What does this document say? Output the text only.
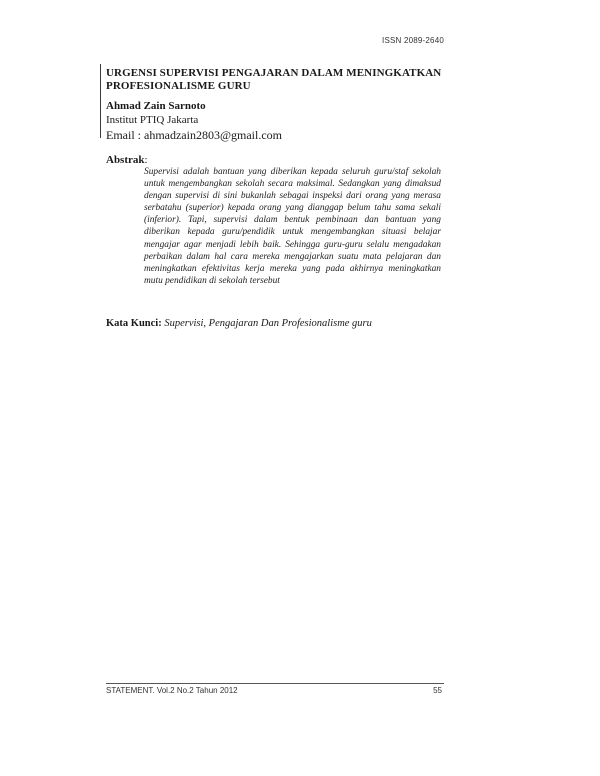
ISSN 2089-2640
URGENSI SUPERVISI PENGAJARAN DALAM MENINGKATKAN PROFESIONALISME GURU
Ahmad Zain Sarnoto
Institut PTIQ Jakarta
Email : ahmadzain2803@gmail.com
Abstrak:
Supervisi adalah bantuan yang diberikan kepada seluruh guru/staf sekolah untuk mengembangkan sekolah secara maksimal. Sedangkan yang dimaksud dengan supervisi di sini bukanlah sebagai inspeksi dari orang yang merasa serbatahu (superior) kepada orang yang dianggap belum tahu sama sekali (inferior). Tapi, supervisi dalam bentuk pembinaan dan bantuan yang diberikan kepada guru/pendidik untuk mengembangkan situasi belajar mengajar agar menjadi lebih baik. Sehingga guru-guru selalu mengadakan perbaikan dalam hal cara mereka mengajarkan suatu mata pelajaran dan meningkatkan efektivitas kerja mereka yang pada akhirnya meningkatkan mutu pendidikan di sekolah tersebut
Kata Kunci: Supervisi, Pengajaran Dan Profesionalisme guru
STATEMENT. Vol.2 No.2 Tahun 2012	55
